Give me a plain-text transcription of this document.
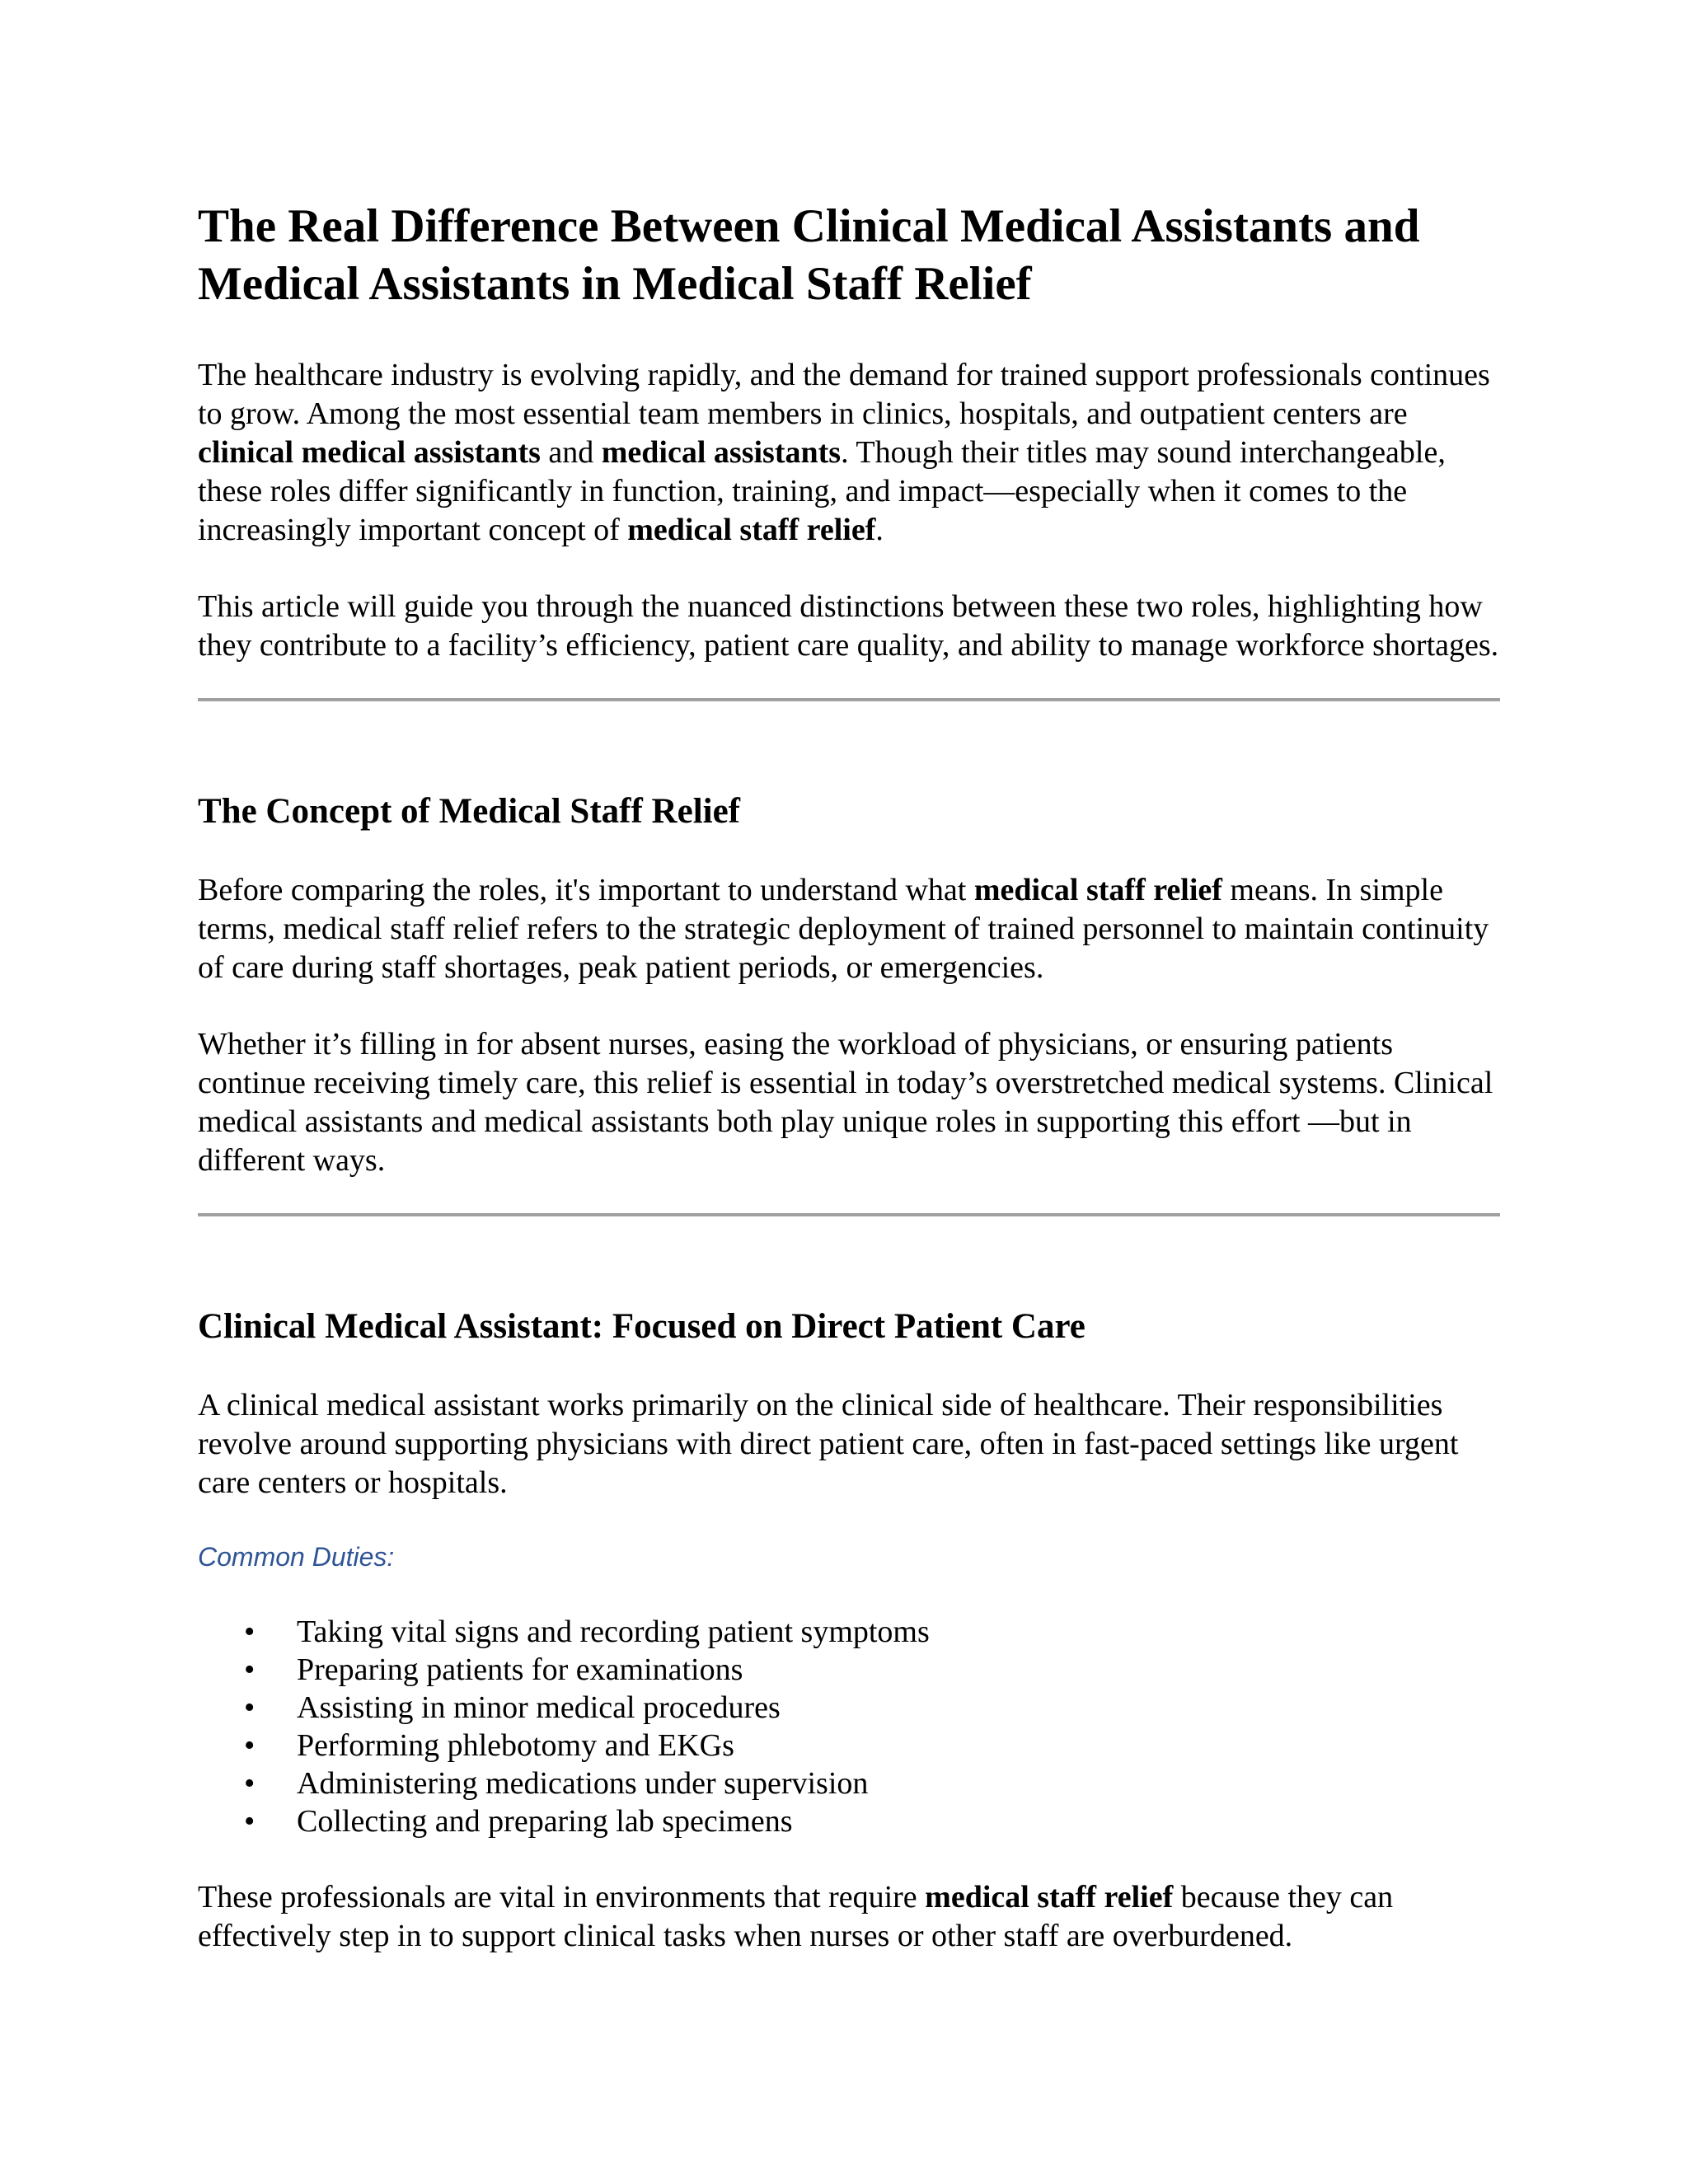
The Real Difference Between Clinical Medical Assistants and Medical Assistants in Medical Staff Relief

The healthcare industry is evolving rapidly, and the demand for trained support professionals continues to grow. Among the most essential team members in clinics, hospitals, and outpatient centers are clinical medical assistants and medical assistants. Though their titles may sound interchangeable, these roles differ significantly in function, training, and impact—especially when it comes to the increasingly important concept of medical staff relief.

This article will guide you through the nuanced distinctions between these two roles, highlighting how they contribute to a facility’s efficiency, patient care quality, and ability to manage workforce shortages.

The Concept of Medical Staff Relief

Before comparing the roles, it's important to understand what medical staff relief means. In simple terms, medical staff relief refers to the strategic deployment of trained personnel to maintain continuity of care during staff shortages, peak patient periods, or emergencies.

Whether it’s filling in for absent nurses, easing the workload of physicians, or ensuring patients continue receiving timely care, this relief is essential in today’s overstretched medical systems. Clinical medical assistants and medical assistants both play unique roles in supporting this effort —but in different ways.

Clinical Medical Assistant: Focused on Direct Patient Care

A clinical medical assistant works primarily on the clinical side of healthcare. Their responsibilities revolve around supporting physicians with direct patient care, often in fast-paced settings like urgent care centers or hospitals.

Common Duties:
• Taking vital signs and recording patient symptoms
• Preparing patients for examinations
• Assisting in minor medical procedures
• Performing phlebotomy and EKGs
• Administering medications under supervision
• Collecting and preparing lab specimens

These professionals are vital in environments that require medical staff relief because they can effectively step in to support clinical tasks when nurses or other staff are overburdened.
